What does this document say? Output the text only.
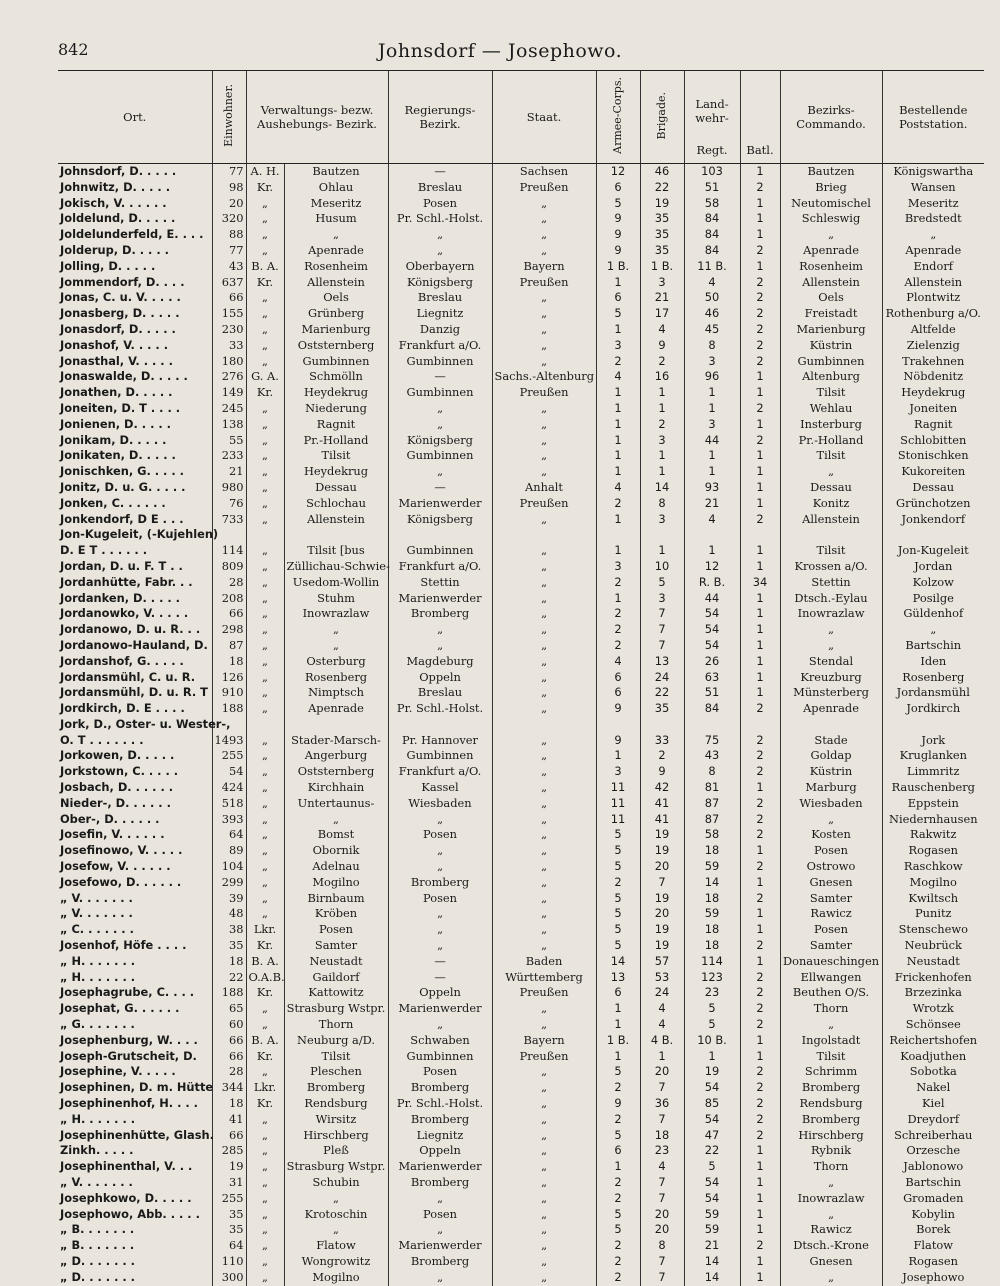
842	Johnsdorf — Josephowo.
Ort.	Einwohner.	Verwaltungs- bezw. Aushebungs- Bezirk.		Regierungs- Bezirk.	Staat.	Armee-Corps.	Brigade.	Land- wehr-
Regt.	Batl.	Bezirks- Commando.	Bestellende Poststation.
Johnsdorf, D. . . . .	77	A. H.	Bautzen	—	Sachsen	12	46	103	1	Bautzen	Königswartha
Johnwitz, D. . . . .	98	Kr.	Ohlau	Breslau	Preußen	6	22	51	2	Brieg	Wansen
Jokisch, V. . . . . .	20	„	Meseritz	Posen	„	5	19	58	1	Neutomischel	Meseritz
Joldelund, D. . . . .	320	„	Husum	Pr. Schl.-Holst.	„	9	35	84	1	Schleswig	Bredstedt
Joldelunderfeld, E. . . .	88	„	„	„	„	9	35	84	1	„	„
Jolderup, D. . . . .	77	„	Apenrade	„	„	9	35	84	2	Apenrade	Apenrade
Jolling, D. . . . .	43	B. A.	Rosenheim	Oberbayern	Bayern	1 B.	1 B.	11 B.	1	Rosenheim	Endorf
Jommendorf, D. . . .	637	Kr.	Allenstein	Königsberg	Preußen	1	3	4	2	Allenstein	Allenstein
Jonas, C. u. V. . . . .	66	„	Oels	Breslau	„	6	21	50	2	Oels	Plontwitz
Jonasberg, D. . . . .	155	„	Grünberg	Liegnitz	„	5	17	46	2	Freistadt	Rothenburg a/O.
Jonasdorf, D. . . . .	230	„	Marienburg	Danzig	„	1	4	45	2	Marienburg	Altfelde
Jonashof, V. . . . .	33	„	Oststernberg	Frankfurt a/O.	„	3	9	8	2	Küstrin	Zielenzig
Jonasthal, V. . . . .	180	„	Gumbinnen	Gumbinnen	„	2	2	3	2	Gumbinnen	Trakehnen
Jonaswalde, D. . . . .	276	G. A.	Schmölln	—	Sachs.-Altenburg	4	16	96	1	Altenburg	Nöbdenitz
Jonathen, D. . . . .	149	Kr.	Heydekrug	Gumbinnen	Preußen	1	1	1	1	Tilsit	Heydekrug
Joneiten, D. T . . . .	245	„	Niederung	„	„	1	1	1	2	Wehlau	Joneiten
Jonienen, D. . . . .	138	„	Ragnit	„	„	1	2	3	1	Insterburg	Ragnit
Jonikam, D. . . . .	55	„	Pr.-Holland	Königsberg	„	1	3	44	2	Pr.-Holland	Schlobitten
Jonikaten, D. . . . .	233	„	Tilsit	Gumbinnen	„	1	1	1	1	Tilsit	Stonischken
Jonischken, G. . . . .	21	„	Heydekrug	„	„	1	1	1	1	„	Kukoreiten
Jonitz, D. u. G. . . . .	980	„	Dessau	—	Anhalt	4	14	93	1	Dessau	Dessau
Jonken, C. . . . . .	76	„	Schlochau	Marienwerder	Preußen	2	8	21	1	Konitz	Grünchotzen
Jonkendorf, D E . . .	733	„	Allenstein	Königsberg	„	1	3	4	2	Allenstein	Jonkendorf
Jon-Kugeleit, (-Kujehlen)											
D. E T . . . . . .	114	„	Tilsit [bus	Gumbinnen	„	1	1	1	1	Tilsit	Jon-Kugeleit
Jordan, D. u. F. T . .	809	„	Züllichau-Schwie-	Frankfurt a/O.	„	3	10	12	1	Krossen a/O.	Jordan
Jordanhütte, Fabr. . .	28	„	Usedom-Wollin	Stettin	„	2	5	R. B.	34	Stettin	Kolzow
Jordanken, D. . . . .	208	„	Stuhm	Marienwerder	„	1	3	44	1	Dtsch.-Eylau	Posilge
Jordanowko, V. . . . .	66	„	Inowrazlaw	Bromberg	„	2	7	54	1	Inowrazlaw	Güldenhof
Jordanowo, D. u. R. . .	298	„	„	„	„	2	7	54	1	„	„
Jordanowo-Hauland, D.	87	„	„	„	„	2	7	54	1	„	Bartschin
Jordanshof, G. . . . .	18	„	Osterburg	Magdeburg	„	4	13	26	1	Stendal	Iden
Jordansmühl, C. u. R.	126	„	Rosenberg	Oppeln	„	6	24	63	1	Kreuzburg	Rosenberg
Jordansmühl, D. u. R. T	910	„	Nimptsch	Breslau	„	6	22	51	1	Münsterberg	Jordansmühl
Jordkirch, D. E . . . .	188	„	Apenrade	Pr. Schl.-Holst.	„	9	35	84	2	Apenrade	Jordkirch
Jork, D., Oster- u. Wester-,											
O. T . . . . . . .	1493	„	Stader-Marsch-	Pr. Hannover	„	9	33	75	2	Stade	Jork
Jorkowen, D. . . . .	255	„	Angerburg	Gumbinnen	„	1	2	43	2	Goldap	Kruglanken
Jorkstown, C. . . . .	54	„	Oststernberg	Frankfurt a/O.	„	3	9	8	2	Küstrin	Limmritz
Josbach, D. . . . . .	424	„	Kirchhain	Kassel	„	11	42	81	1	Marburg	Rauschenberg
Nieder-, D. . . . . .	518	„	Untertaunus-	Wiesbaden	„	11	41	87	2	Wiesbaden	Eppstein
Ober-, D. . . . . .	393	„	„	„	„	11	41	87	2	„	Niedernhausen
Josefin, V. . . . . .	64	„	Bomst	Posen	„	5	19	58	2	Kosten	Rakwitz
Josefinowo, V. . . . .	89	„	Obornik	„	„	5	19	18	1	Posen	Rogasen
Josefow, V. . . . . .	104	„	Adelnau	„	„	5	20	59	2	Ostrowo	Raschkow
Josefowo, D. . . . . .	299	„	Mogilno	Bromberg	„	2	7	14	1	Gnesen	Mogilno
„ V. . . . . . .	39	„	Birnbaum	Posen	„	5	19	18	2	Samter	Kwiltsch
„ V. . . . . . .	48	„	Kröben	„	„	5	20	59	1	Rawicz	Punitz
„ C. . . . . . .	38	Lkr.	Posen	„	„	5	19	18	1	Posen	Stenschewo
Josenhof, Höfe . . . .	35	Kr.	Samter	„	„	5	19	18	2	Samter	Neubrück
„ H. . . . . . .	18	B. A.	Neustadt	—	Baden	14	57	114	1	Donaueschingen	Neustadt
„ H. . . . . . .	22	O.A.B.	Gaildorf	—	Württemberg	13	53	123	2	Ellwangen	Frickenhofen
Josephagrube, C. . . .	188	Kr.	Kattowitz	Oppeln	Preußen	6	24	23	2	Beuthen O/S.	Brzezinka
Josephat, G. . . . . .	65	„	Strasburg Wstpr.	Marienwerder	„	1	4	5	2	Thorn	Wrotzk
„ G. . . . . . .	60	„	Thorn	„	„	1	4	5	2	„	Schönsee
Josephenburg, W. . . .	66	B. A.	Neuburg a/D.	Schwaben	Bayern	1 B.	4 B.	10 B.	1	Ingolstadt	Reichertshofen
Joseph-Grutscheit, D.	66	Kr.	Tilsit	Gumbinnen	Preußen	1	1	1	1	Tilsit	Koadjuthen
Josephine, V. . . . .	28	„	Pleschen	Posen	„	5	20	19	2	Schrimm	Sobotka
Josephinen, D. m. Hütte	344	Lkr.	Bromberg	Bromberg	„	2	7	54	2	Bromberg	Nakel
Josephinenhof, H. . . .	18	Kr.	Rendsburg	Pr. Schl.-Holst.	„	9	36	85	2	Rendsburg	Kiel
„ H. . . . . . .	41	„	Wirsitz	Bromberg	„	2	7	54	2	Bromberg	Dreydorf
Josephinenhütte, Glash.	66	„	Hirschberg	Liegnitz	„	5	18	47	2	Hirschberg	Schreiberhau
Zinkh. . . . .	285	„	Pleß	Oppeln	„	6	23	22	1	Rybnik	Orzesche
Josephinenthal, V. . .	19	„	Strasburg Wstpr.	Marienwerder	„	1	4	5	1	Thorn	Jablonowo
„ V. . . . . . .	31	„	Schubin	Bromberg	„	2	7	54	1	„	Bartschin
Josephkowo, D. . . . .	255	„	„	„	„	2	7	54	1	Inowrazlaw	Gromaden
Josephowo, Abb. . . . .	35	„	Krotoschin	Posen	„	5	20	59	1	„	Kobylin
„ B. . . . . . .	35	„	„	„	„	5	20	59	1	Rawicz	Borek
„ B. . . . . . .	64	„	Flatow	Marienwerder	„	2	8	21	2	Dtsch.-Krone	Flatow
„ D. . . . . . .	110	„	Wongrowitz	Bromberg	„	2	7	14	1	Gnesen	Rogasen
„ D. . . . . . .	300	„	Mogilno	„	„	2	7	14	1	„	Josephowo
